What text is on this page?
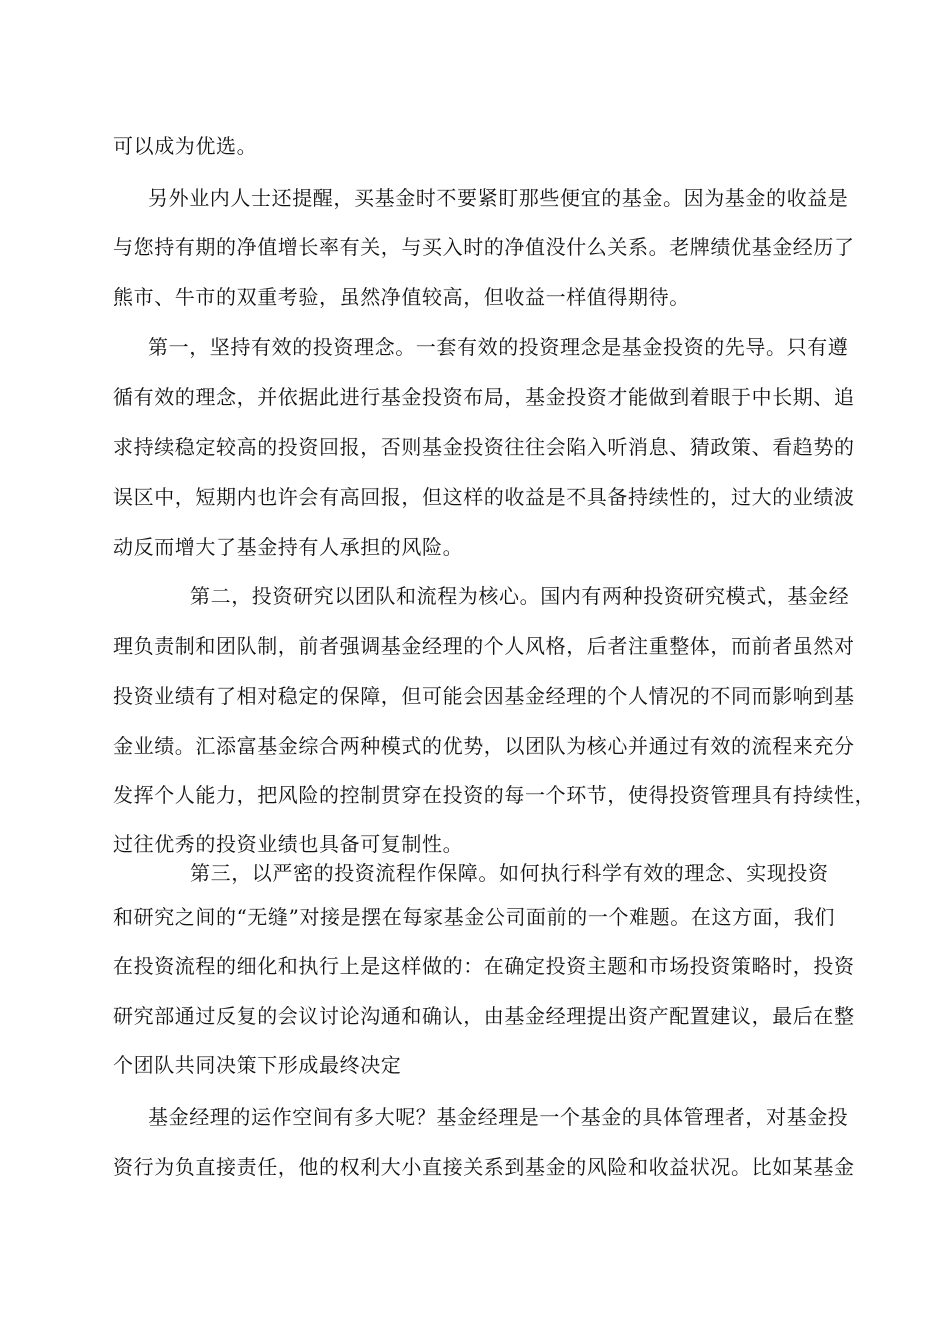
可以成为优选。
另外业内人士还提醒，买基金时不要紧盯那些便宜的基金。因为基金的收益是
与您持有期的净值增长率有关，与买入时的净值没什么关系。老牌绩优基金经历了
熊市、牛市的双重考验，虽然净值较高，但收益一样值得期待。
第一，坚持有效的投资理念。一套有效的投资理念是基金投资的先导。只有遵
循有效的理念，并依据此进行基金投资布局，基金投资才能做到着眼于中长期、追
求持续稳定较高的投资回报，否则基金投资往往会陷入听消息、猜政策、看趋势的
误区中，短期内也许会有高回报，但这样的收益是不具备持续性的，过大的业绩波
动反而增大了基金持有人承担的风险。
第二，投资研究以团队和流程为核心。国内有两种投资研究模式，基金经
理负责制和团队制，前者强调基金经理的个人风格，后者注重整体，而前者虽然对
投资业绩有了相对稳定的保障，但可能会因基金经理的个人情况的不同而影响到基
金业绩。汇添富基金综合两种模式的优势，以团队为核心并通过有效的流程来充分
发挥个人能力，把风险的控制贯穿在投资的每一个环节，使得投资管理具有持续性，
过往优秀的投资业绩也具备可复制性。
第三，以严密的投资流程作保障。如何执行科学有效的理念、实现投资
和研究之间的“无缝”对接是摆在每家基金公司面前的一个难题。在这方面，我们
在投资流程的细化和执行上是这样做的：在确定投资主题和市场投资策略时，投资
研究部通过反复的会议讨论沟通和确认，由基金经理提出资产配置建议，最后在整
个团队共同决策下形成最终决定
基金经理的运作空间有多大呢？基金经理是一个基金的具体管理者，对基金投
资行为负直接责任，他的权利大小直接关系到基金的风险和收益状况。比如某基金
